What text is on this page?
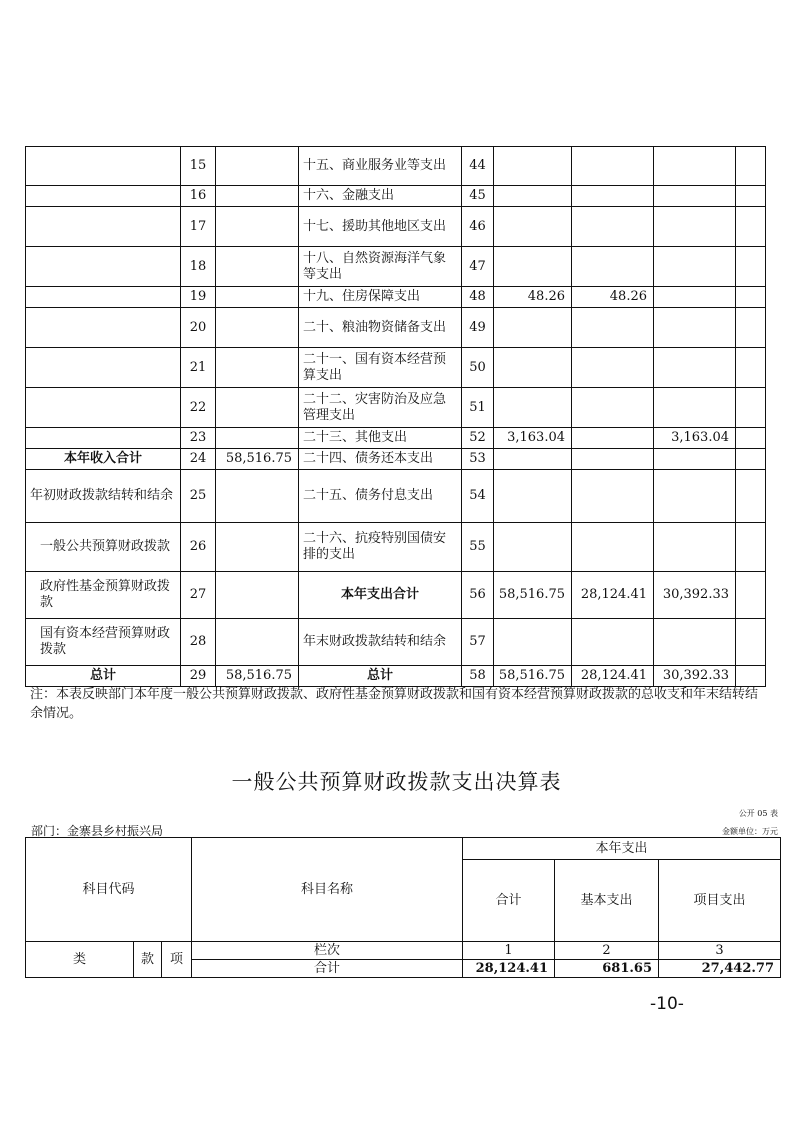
	15		十五、商业服务业等支出	44				
	16		十六、金融支出	45				
	17		十七、援助其他地区支出	46				
	18		十八、自然资源海洋气象等支出	47				
	19		十九、住房保障支出	48	48.26	48.26		
	20		二十、粮油物资储备支出	49				
	21		二十一、国有资本经营预算支出	50				
	22		二十二、灾害防治及应急管理支出	51				
	23		二十三、其他支出	52	3,163.04		3,163.04	
本年收入合计	24	58,516.75	二十四、债务还本支出	53				
年初财政拨款结转和结余	25		二十五、债务付息支出	54				
一般公共预算财政拨款	26		二十六、抗疫特别国债安排的支出	55				
政府性基金预算财政拨款	27		本年支出合计	56	58,516.75	28,124.41	30,392.33	
国有资本经营预算财政拨款	28		年末财政拨款结转和结余	57				
总计	29	58,516.75	总计	58	58,516.75	28,124.41	30,392.33	
注：本表反映部门本年度一般公共预算财政拨款、政府性基金预算财政拨款和国有资本经营预算财政拨款的总收支和年末结转结余情况。
一般公共预算财政拨款支出决算表
公开 05 表
部门：金寨县乡村振兴局	金额单位：万元
科目代码			科目名称	本年支出		
				合计	基本支出	项目支出
类	款	项	栏次	1	2	3
			合计	28,124.41	681.65	27,442.77
-10-
